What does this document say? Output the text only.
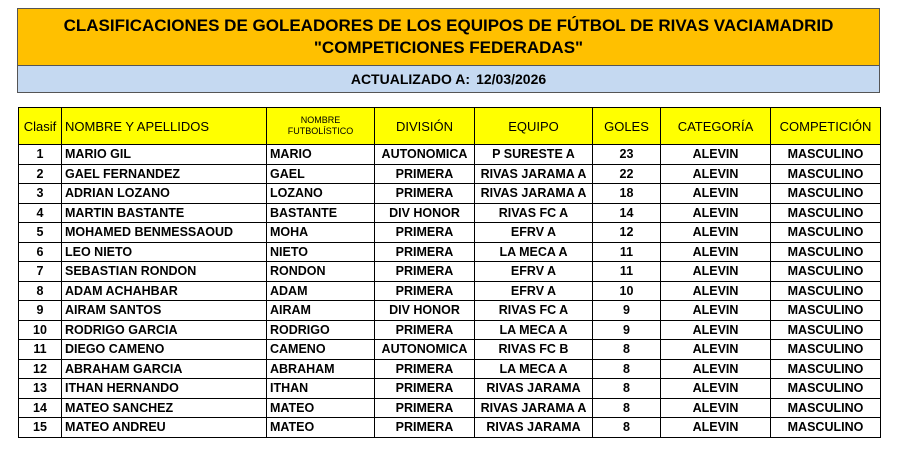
CLASIFICACIONES DE GOLEADORES DE LOS EQUIPOS DE FÚTBOL DE RIVAS VACIAMADRID
"COMPETICIONES FEDERADAS"
ACTUALIZADO A: 12/03/2026
Clasif	NOMBRE Y APELLIDOS	NOMBRE FUTBOLÍSTICO	DIVISIÓN	EQUIPO	GOLES	CATEGORÍA	COMPETICIÓN
1	MARIO GIL	MARIO	AUTONOMICA	P SURESTE A	23	ALEVIN	MASCULINO
2	GAEL FERNANDEZ	GAEL	PRIMERA	RIVAS JARAMA A	22	ALEVIN	MASCULINO
3	ADRIAN LOZANO	LOZANO	PRIMERA	RIVAS JARAMA A	18	ALEVIN	MASCULINO
4	MARTIN BASTANTE	BASTANTE	DIV HONOR	RIVAS FC A	14	ALEVIN	MASCULINO
5	MOHAMED BENMESSAOUD	MOHA	PRIMERA	EFRV A	12	ALEVIN	MASCULINO
6	LEO NIETO	NIETO	PRIMERA	LA MECA A	11	ALEVIN	MASCULINO
7	SEBASTIAN RONDON	RONDON	PRIMERA	EFRV A	11	ALEVIN	MASCULINO
8	ADAM ACHAHBAR	ADAM	PRIMERA	EFRV A	10	ALEVIN	MASCULINO
9	AIRAM SANTOS	AIRAM	DIV HONOR	RIVAS FC A	9	ALEVIN	MASCULINO
10	RODRIGO GARCIA	RODRIGO	PRIMERA	LA MECA A	9	ALEVIN	MASCULINO
11	DIEGO CAMENO	CAMENO	AUTONOMICA	RIVAS FC B	8	ALEVIN	MASCULINO
12	ABRAHAM GARCIA	ABRAHAM	PRIMERA	LA MECA A	8	ALEVIN	MASCULINO
13	ITHAN HERNANDO	ITHAN	PRIMERA	RIVAS JARAMA	8	ALEVIN	MASCULINO
14	MATEO SANCHEZ	MATEO	PRIMERA	RIVAS JARAMA A	8	ALEVIN	MASCULINO
15	MATEO ANDREU	MATEO	PRIMERA	RIVAS JARAMA	8	ALEVIN	MASCULINO
